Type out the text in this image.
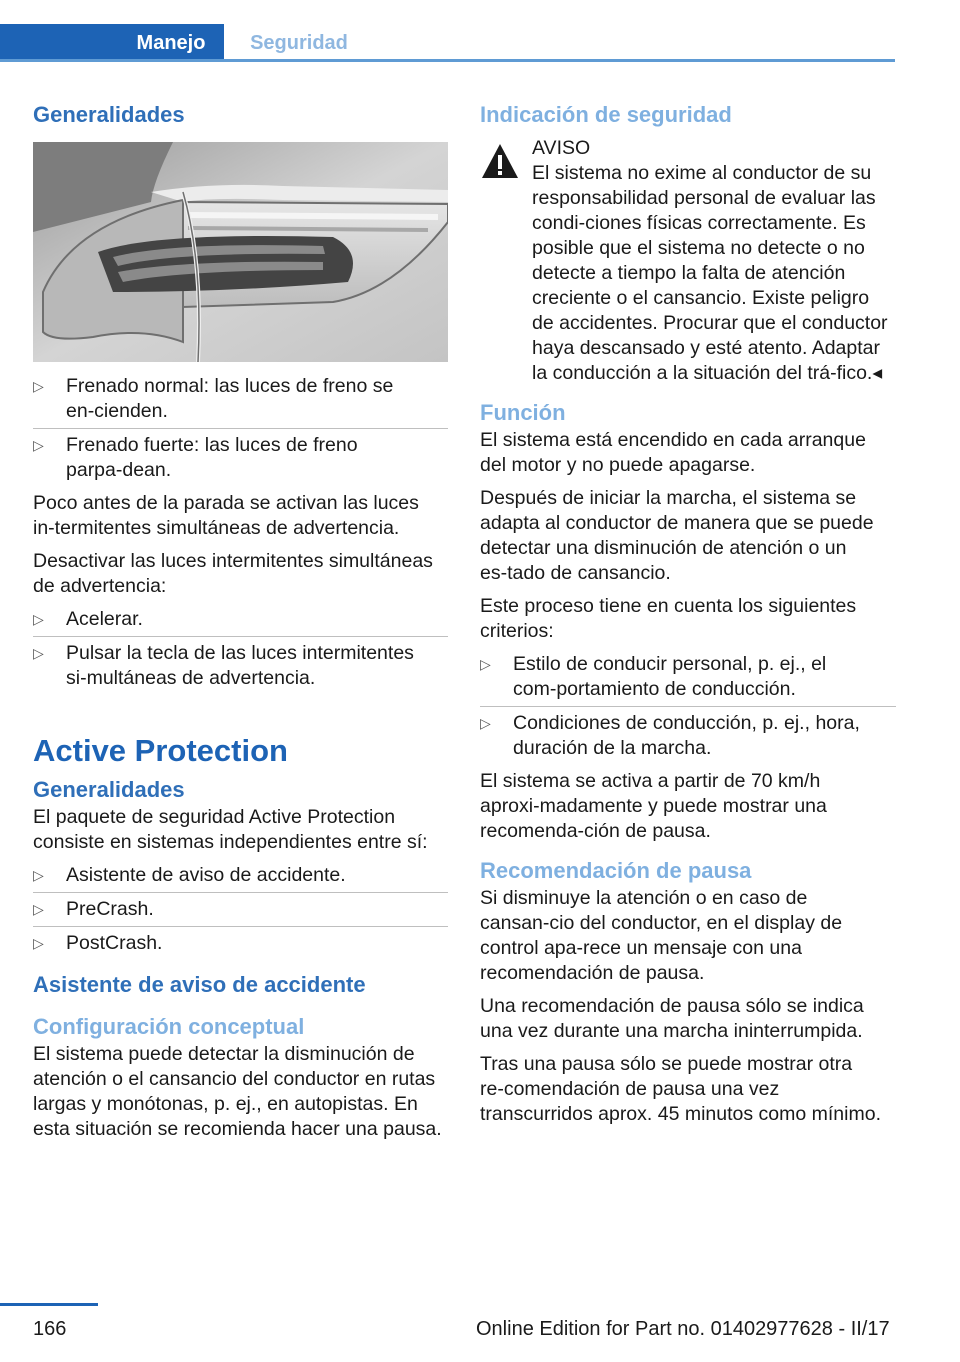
Manejo	Seguridad
Generalidades
▷ Frenado normal: las luces de freno se en‑cienden.
▷ Frenado fuerte: las luces de freno parpa‑dean.

Poco antes de la parada se activan las luces in‑termitentes simultáneas de advertencia.

Desactivar las luces intermitentes simultáneas de advertencia:

▷ Acelerar.
▷ Pulsar la tecla de las luces intermitentes si‑multáneas de advertencia.
Active Protection
Generalidades

El paquete de seguridad Active Protection consiste en sistemas independientes entre sí:

▷ Asistente de aviso de accidente.
▷ PreCrash.
▷ PostCrash.
Asistente de aviso de accidente
Configuración conceptual

El sistema puede detectar la disminución de atención o el cansancio del conductor en rutas largas y monótonas, p. ej., en autopistas. En esta situación se recomienda hacer una pausa.

Indicación de seguridad
AVISO

El sistema no exime al conductor de su responsabilidad personal de evaluar las condi‑ciones físicas correctamente. Es posible que el sistema no detecte o no detecte a tiempo la falta de atención creciente o el cansancio. Existe peligro de accidentes. Procurar que el conductor haya descansado y esté atento. Adaptar la conducción a la situación del trá‑fico.◂

Función

El sistema está encendido en cada arranque del motor y no puede apagarse.

Después de iniciar la marcha, el sistema se adapta al conductor de manera que se puede detectar una disminución de atención o un es‑tado de cansancio.

Este proceso tiene en cuenta los siguientes criterios:

▷ Estilo de conducir personal, p. ej., el com‑portamiento de conducción.
▷ Condiciones de conducción, p. ej., hora, duración de la marcha.

El sistema se activa a partir de 70 km/h aproxi‑madamente y puede mostrar una recomenda‑ción de pausa.

Recomendación de pausa

Si disminuye la atención o en caso de cansan‑cio del conductor, en el display de control apa‑rece un mensaje con una recomendación de pausa.

Una recomendación de pausa sólo se indica una vez durante una marcha ininterrumpida.

Tras una pausa sólo se puede mostrar otra re‑comendación de pausa una vez transcurridos aprox. 45 minutos como mínimo.

166	Online Edition for Part no. 01402977628 - II/17
